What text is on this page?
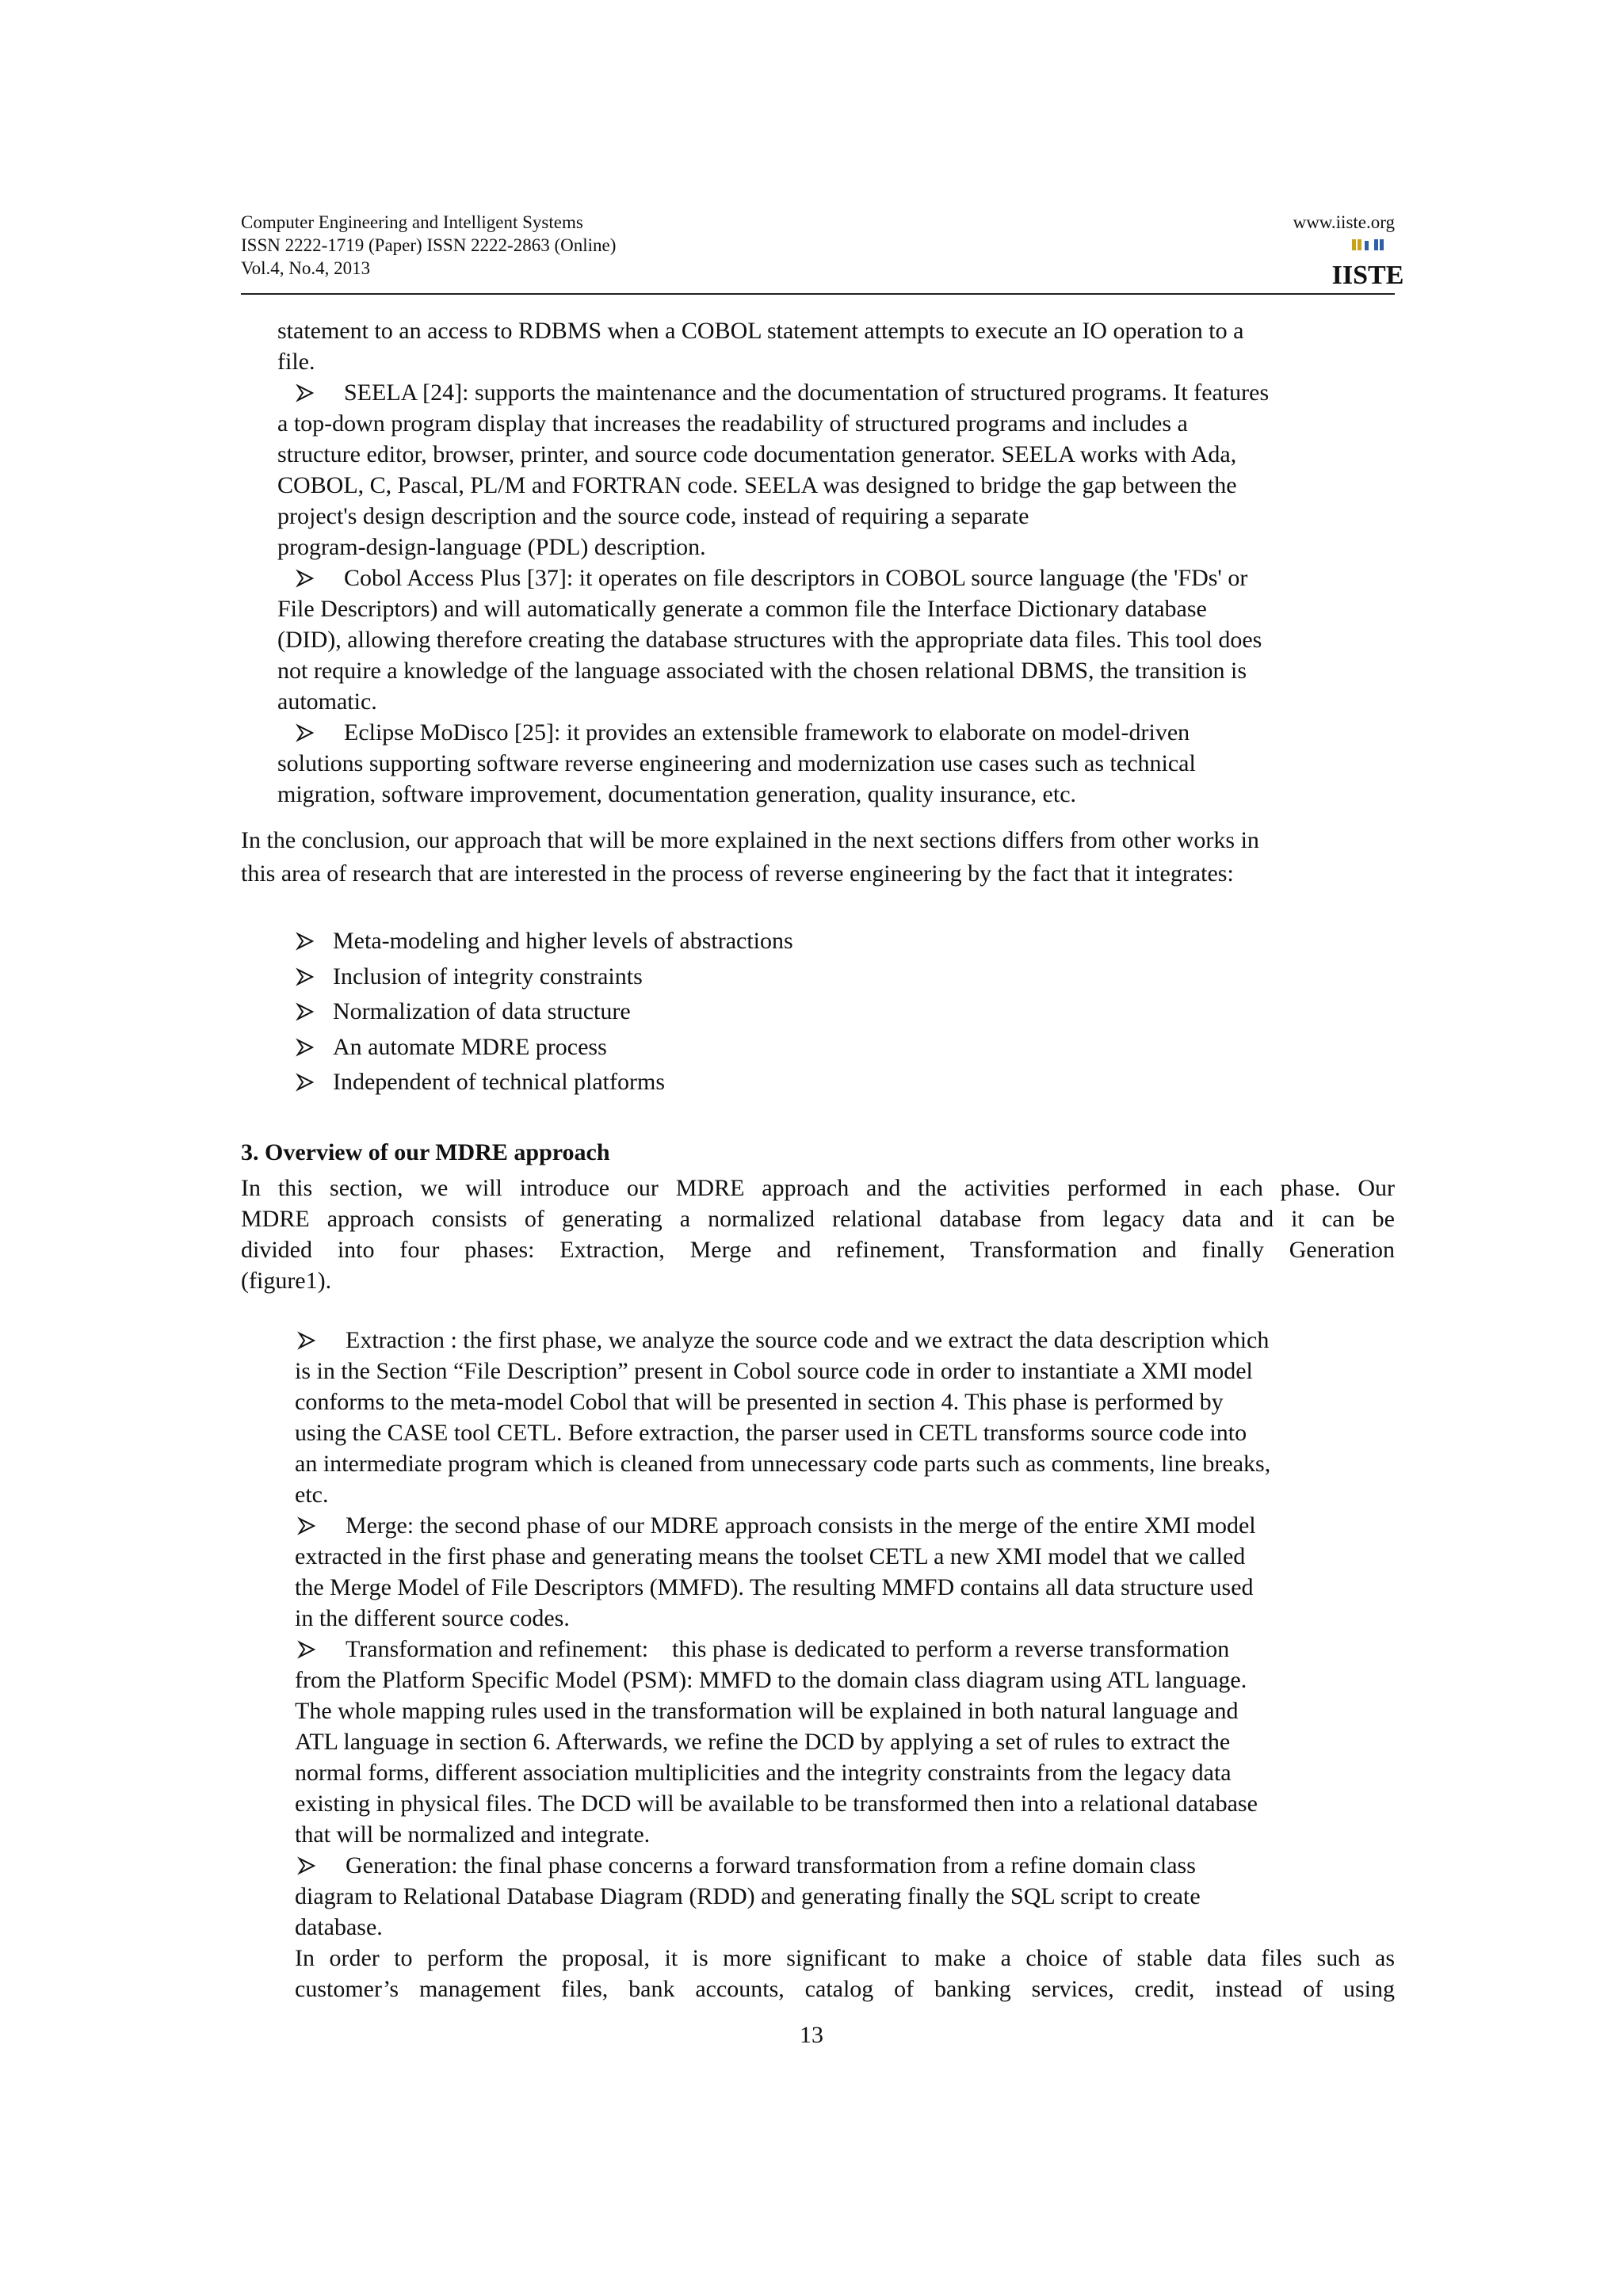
Computer Engineering and Intelligent Systems
ISSN 2222-1719 (Paper) ISSN 2222-2863 (Online)
Vol.4, No.4, 2013
www.iiste.org
IISTE
statement to an access to RDBMS when a COBOL statement attempts to execute an IO operation to a
file.
SEELA [24]: supports the maintenance and the documentation of structured programs. It features
a top-down program display that increases the readability of structured programs and includes a
structure editor, browser, printer, and source code documentation generator. SEELA works with Ada,
COBOL, C, Pascal, PL/M and FORTRAN code. SEELA was designed to bridge the gap between the
project's design description and the source code, instead of requiring a separate
program-design-language (PDL) description.
Cobol Access Plus [37]: it operates on file descriptors in COBOL source language (the 'FDs' or
File Descriptors) and will automatically generate a common file the Interface Dictionary database
(DID), allowing therefore creating the database structures with the appropriate data files. This tool does
not require a knowledge of the language associated with the chosen relational DBMS, the transition is
automatic.
Eclipse MoDisco [25]: it provides an extensible framework to elaborate on model-driven
solutions supporting software reverse engineering and modernization use cases such as technical
migration, software improvement, documentation generation, quality insurance, etc.
In the conclusion, our approach that will be more explained in the next sections differs from other works in
this area of research that are interested in the process of reverse engineering by the fact that it integrates:
Meta-modeling and higher levels of abstractions
Inclusion of integrity constraints
Normalization of data structure
An automate MDRE process
Independent of technical platforms
3. Overview of our MDRE approach
In this section, we will introduce our MDRE approach and the activities performed in each phase. Our
MDRE approach consists of generating a normalized relational database from legacy data and it can be
divided into four phases: Extraction, Merge and refinement, Transformation and finally Generation
(figure1).
Extraction : the first phase, we analyze the source code and we extract the data description which
is in the Section “File Description” present in Cobol source code in order to instantiate a XMI model
conforms to the meta-model Cobol that will be presented in section 4. This phase is performed by
using the CASE tool CETL. Before extraction, the parser used in CETL transforms source code into
an intermediate program which is cleaned from unnecessary code parts such as comments, line breaks,
etc.
Merge: the second phase of our MDRE approach consists in the merge of the entire XMI model
extracted in the first phase and generating means the toolset CETL a new XMI model that we called
the Merge Model of File Descriptors (MMFD). The resulting MMFD contains all data structure used
in the different source codes.
Transformation and refinement:    this phase is dedicated to perform a reverse transformation
from the Platform Specific Model (PSM): MMFD to the domain class diagram using ATL language.
The whole mapping rules used in the transformation will be explained in both natural language and
ATL language in section 6. Afterwards, we refine the DCD by applying a set of rules to extract the
normal forms, different association multiplicities and the integrity constraints from the legacy data
existing in physical files. The DCD will be available to be transformed then into a relational database
that will be normalized and integrate.
Generation: the final phase concerns a forward transformation from a refine domain class
diagram to Relational Database Diagram (RDD) and generating finally the SQL script to create
database.
In order to perform the proposal, it is more significant to make a choice of stable data files such as
customer’s management files, bank accounts, catalog of banking services, credit, instead of using
13
